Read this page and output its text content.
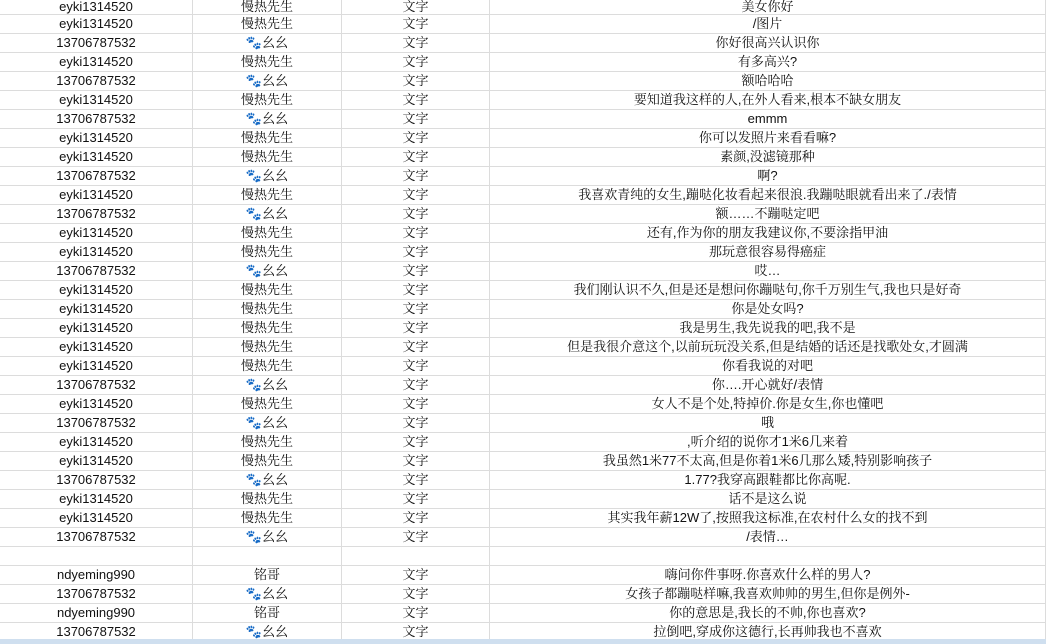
eyki1314520	慢热先生	文字	美女你好
eyki1314520	慢热先生	文字	/图片
13706787532	🐾幺幺	文字	你好很高兴认识你
eyki1314520	慢热先生	文字	有多高兴?
13706787532	🐾幺幺	文字	额哈哈哈
eyki1314520	慢热先生	文字	要知道我这样的人,在外人看来,根本不缺女朋友
13706787532	🐾幺幺	文字	emmm
eyki1314520	慢热先生	文字	你可以发照片来看看嘛?
eyki1314520	慢热先生	文字	素颜,没滤镜那种
13706787532	🐾幺幺	文字	啊?
eyki1314520	慢热先生	文字	我喜欢青纯的女生,蹦哒化妆看起来很浪.我蹦哒眼就看出来了./表情
13706787532	🐾幺幺	文字	额……不蹦哒定吧
eyki1314520	慢热先生	文字	还有,作为你的朋友我建议你,不要涂指甲油
eyki1314520	慢热先生	文字	那玩意很容易得癌症
13706787532	🐾幺幺	文字	哎…
eyki1314520	慢热先生	文字	我们刚认识不久,但是还是想问你蹦哒句,你千万别生气,我也只是好奇
eyki1314520	慢热先生	文字	你是处女吗?
eyki1314520	慢热先生	文字	我是男生,我先说我的吧,我不是
eyki1314520	慢热先生	文字	但是我很介意这个,以前玩玩没关系,但是结婚的话还是找歌处女,才圆满
eyki1314520	慢热先生	文字	你看我说的对吧
13706787532	🐾幺幺	文字	你….开心就好/表情
eyki1314520	慢热先生	文字	女人不是个处,特掉价.你是女生,你也懂吧
13706787532	🐾幺幺	文字	哦
eyki1314520	慢热先生	文字	,听介绍的说你才1米6几来着
eyki1314520	慢热先生	文字	我虽然1米77不太高,但是你着1米6几那么矮,特别影响孩子
13706787532	🐾幺幺	文字	1.77?我穿高跟鞋都比你高呢.
eyki1314520	慢热先生	文字	话不是这么说
eyki1314520	慢热先生	文字	其实我年薪12W了,按照我这标准,在农村什么女的找不到
13706787532	🐾幺幺	文字	/表情…
ndyeming990	铭哥	文字	嗨问你件事呀.你喜欢什么样的男人?
13706787532	🐾幺幺	文字	女孩子都蹦哒样嘛,我喜欢帅帅的男生,但你是例外-
ndyeming990	铭哥	文字	你的意思是,我长的不帅,你也喜欢?
13706787532	🐾幺幺	文字	拉倒吧,穿成你这德行,长再帅我也不喜欢
